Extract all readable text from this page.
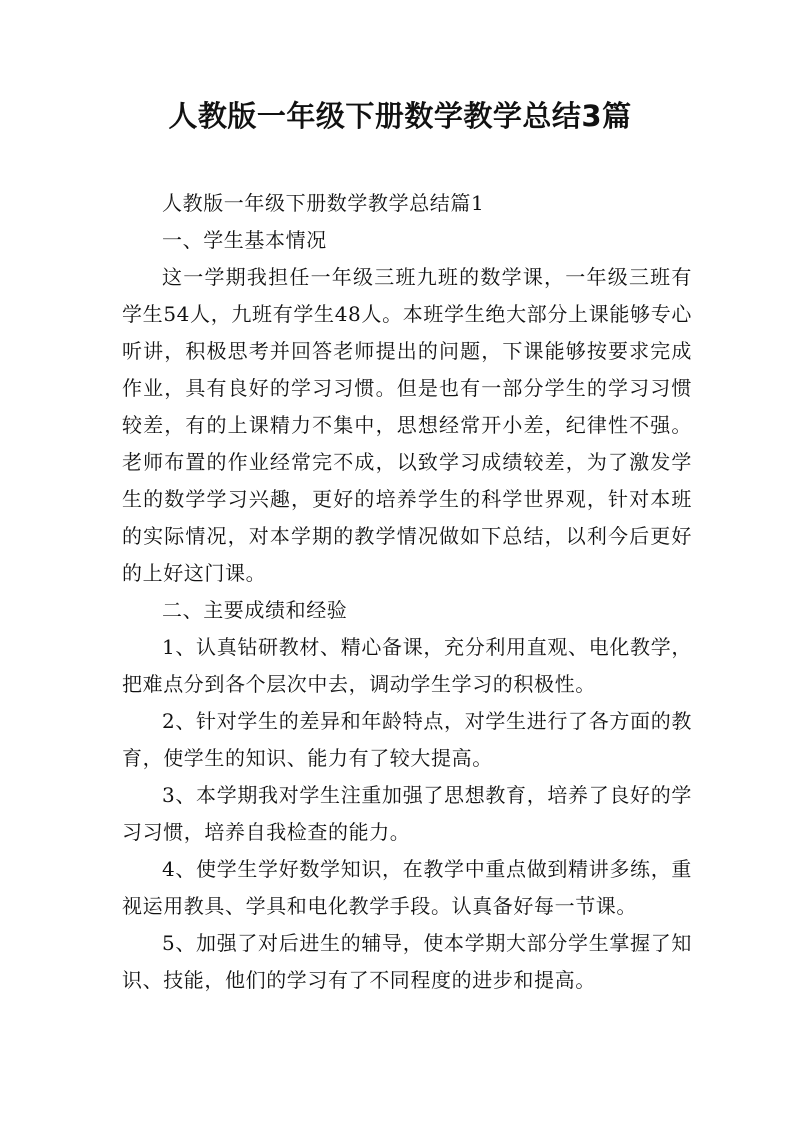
人教版一年级下册数学教学总结3篇

人教版一年级下册数学教学总结篇1

一、学生基本情况

这一学期我担任一年级三班九班的数学课，一年级三班有学生54人，九班有学生48人。本班学生绝大部分上课能够专心听讲，积极思考并回答老师提出的问题，下课能够按要求完成作业，具有良好的学习习惯。但是也有一部分学生的学习习惯较差，有的上课精力不集中，思想经常开小差，纪律性不强。老师布置的作业经常完不成，以致学习成绩较差，为了激发学生的数学学习兴趣，更好的培养学生的科学世界观，针对本班的实际情况，对本学期的教学情况做如下总结，以利今后更好的上好这门课。

二、主要成绩和经验

1、认真钻研教材、精心备课，充分利用直观、电化教学，把难点分到各个层次中去，调动学生学习的积极性。

2、针对学生的差异和年龄特点，对学生进行了各方面的教育，使学生的知识、能力有了较大提高。

3、本学期我对学生注重加强了思想教育，培养了良好的学习习惯，培养自我检查的能力。

4、使学生学好数学知识，在教学中重点做到精讲多练，重视运用教具、学具和电化教学手段。认真备好每一节课。

5、加强了对后进生的辅导，使本学期大部分学生掌握了知识、技能，他们的学习有了不同程度的进步和提高。
